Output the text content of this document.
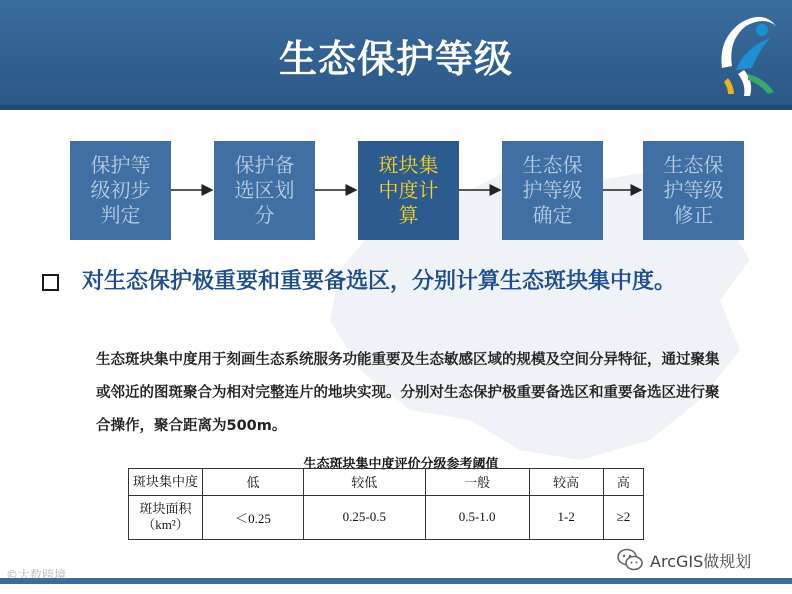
生态保护等级
保护等级初步判定
保护备选区划分
斑块集中度计算
生态保护等级确定
生态保护等级修正
对生态保护极重要和重要备选区，分别计算生态斑块集中度。
生态斑块集中度用于刻画生态系统服务功能重要及生态敏感区域的规模及空间分异特征，通过聚集或邻近的图斑聚合为相对完整连片的地块实现。分别对生态保护极重要备选区和重要备选区进行聚合操作，聚合距离为500m。
生态斑块集中度评价分级参考阈值
斑块集中度	低	较低	一般	较高	高
斑块面积
（km²）	＜0.25	0.25-0.5	0.5-1.0	1-2	≥2
©大数跨境
ArcGIS做规划
